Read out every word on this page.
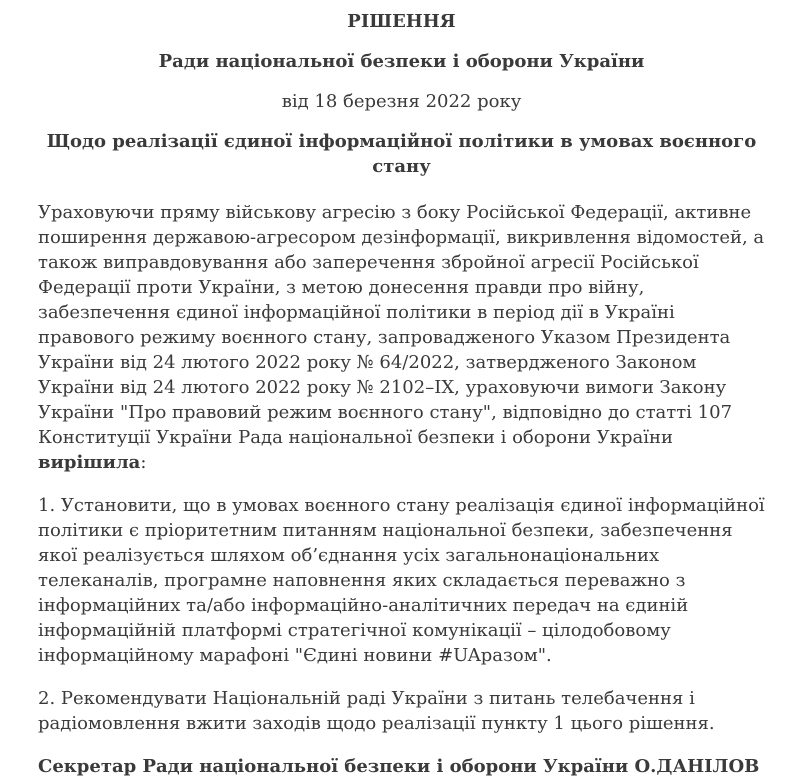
РІШЕННЯ

Ради національної безпеки і оборони України

від 18 березня 2022 року

Щодо реалізації єдиної інформаційної політики в умовах воєнного стану

Ураховуючи пряму військову агресію з боку Російської Федерації, активне поширення державою-агресором дезінформації, викривлення відомостей, а також виправдовування або заперечення збройної агресії Російської Федерації проти України, з метою донесення правди про війну, забезпечення єдиної інформаційної політики в період дії в Україні правового режиму воєнного стану, запровадженого Указом Президента України від 24 лютого 2022 року № 64/2022, затвердженого Законом України від 24 лютого 2022 року № 2102–ІХ, ураховуючи вимоги Закону України "Про правовий режим воєнного стану", відповідно до статті 107 Конституції України Рада національної безпеки і оборони України вирішила:

1. Установити, що в умовах воєнного стану реалізація єдиної інформаційної політики є пріоритетним питанням національної безпеки, забезпечення якої реалізується шляхом об’єднання усіх загальнонаціональних телеканалів, програмне наповнення яких складається переважно з інформаційних та/або інформаційно-аналітичних передач на єдиній інформаційній платформі стратегічної комунікації – цілодобовому інформаційному марафоні "Єдині новини #UAразом".

2. Рекомендувати Національній раді України з питань телебачення і радіомовлення вжити заходів щодо реалізації пункту 1 цього рішення.

Секретар Ради національної безпеки і оборони України О.ДАНІЛОВ
